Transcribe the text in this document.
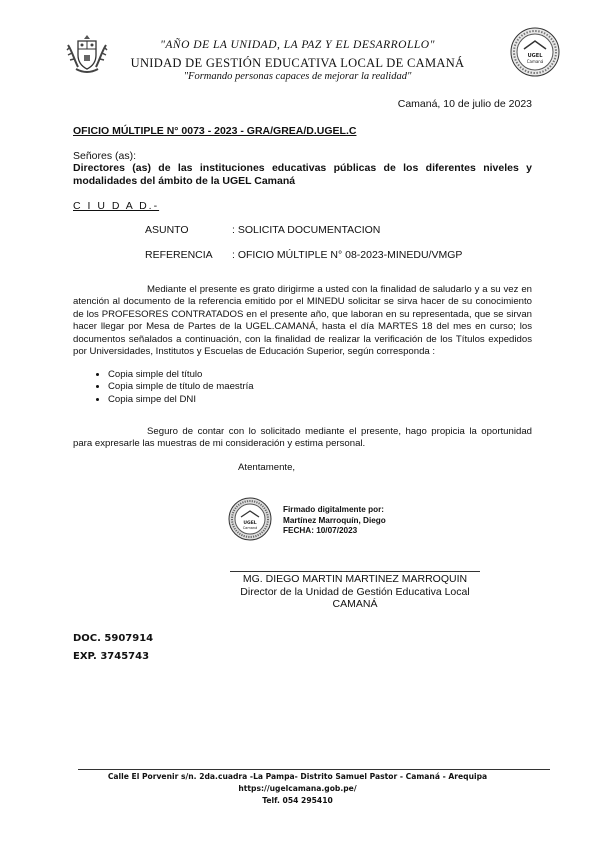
UGEL
Camaná
"AÑO DE LA UNIDAD, LA PAZ Y EL DESARROLLO"
UNIDAD DE GESTIÓN EDUCATIVA LOCAL DE CAMANÁ
"Formando personas capaces de mejorar la realidad"
Camaná, 10 de julio de 2023
OFICIO MÚLTIPLE N° 0073 - 2023 - GRA/GREA/D.UGEL.C
Señores (as):
Directores (as) de las instituciones educativas públicas de los diferentes niveles y modalidades del ámbito de la UGEL Camaná
C I U D A D.-
ASUNTO	: SOLICITA DOCUMENTACION
REFERENCIA : OFICIO MÚLTIPLE N° 08-2023-MINEDU/VMGP

Mediante el presente es grato dirigirme a usted con la finalidad de saludarlo y a su vez en atención al documento de la referencia emitido por el MINEDU solicitar se sirva hacer de su conocimiento de los PROFESORES CONTRATADOS en el presente año, que laboran en su representada, que se sirvan hacer llegar por Mesa de Partes de la UGEL.CAMANÁ, hasta el día MARTES 18 del mes en curso; los documentos señalados a continuación, con la finalidad de realizar la verificación de los Títulos expedidos por Universidades, Institutos y Escuelas de Educación Superior, según corresponda :

• Copia simple del título
• Copia simple de título de maestría
• Copia simpe del DNI
Seguro de contar con lo solicitado mediante el presente, hago propicia la oportunidad para expresarle las muestras de mi consideración y estima personal.
Atentamente,
UGEL
Camaná
Firmado digitalmente por:
Martínez Marroquín, Diego
FECHA: 10/07/2023
MG. DIEGO MARTIN MARTINEZ MARROQUIN
Director de la Unidad de Gestión Educativa Local
CAMANÁ
DOC. 5907914
EXP. 3745743
Calle El Porvenir s/n. 2da.cuadra -La Pampa- Distrito Samuel Pastor - Camaná - Arequipa
https://ugelcamana.gob.pe/
Telf. 054 295410
